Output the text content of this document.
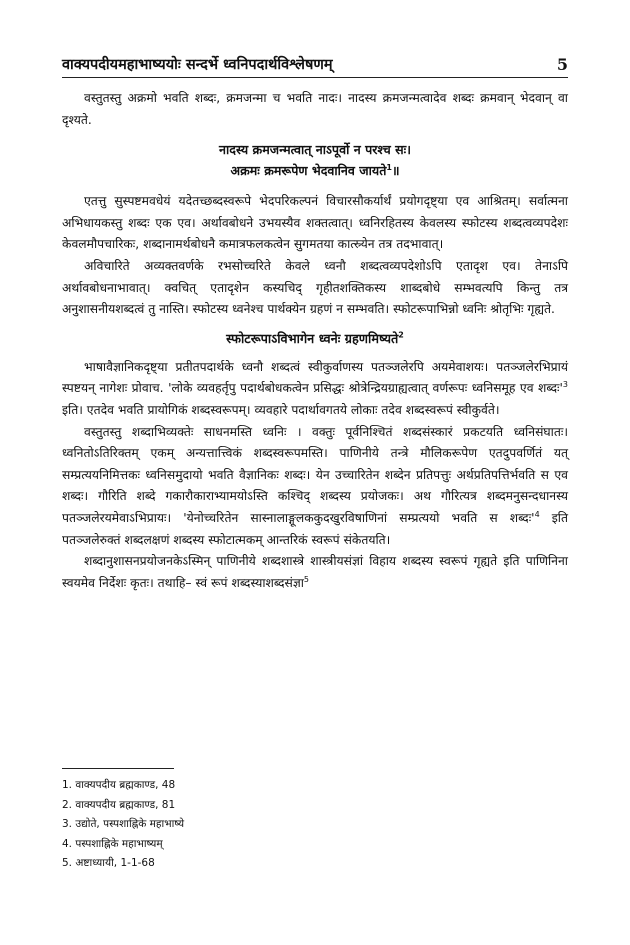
वाक्यपदीयमहाभाष्ययोः सन्दर्भे ध्वनिपदार्थविश्लेषणम्	5

वस्तुतस्तु अक्रमो भवति शब्दः, क्रमजन्मा च भवति नादः। नादस्य क्रमजन्मत्वादेव शब्दः क्रमवान् भेदवान् वा दृश्यते.

नादस्य क्रमजन्मत्वात् नाऽपूर्वो न परश्च सः।
अक्रमः क्रमरूपेण भेदवानिव जायते$^1$॥

एतत्तु सुस्पष्टमवधेयं यदेतच्छब्दस्वरूपे भेदपरिकल्पनं विचारसौकर्यार्थं प्रयोगदृष्ट्या एव आश्रितम्। सर्वात्मना अभिधायकस्तु शब्दः एक एव। अर्थावबोधने उभयस्यैव शक्तत्वात्। ध्वनिरहितस्य केवलस्य स्फोटस्य शब्दत्वव्यपदेशः केवलमौपचारिकः, शब्दानामर्थबोधनै कमात्रफलकत्वेन सुगमतया कात्स्र्येन तत्र तदभावात्।

अविचारिते अव्यक्तवर्णके रभसोच्चरिते केवले ध्वनौ शब्दत्वव्यपदेशोऽपि एतादृश एव। तेनाऽपि अर्थावबोधनाभावात्। क्वचित् एतादृशेन कस्यचिद् गृहीतशक्तिकस्य शाब्दबोधे सम्भवत्यपि किन्तु तत्र अनुशासनीयशब्दत्वं तु नास्ति। स्फोटस्य ध्वनेश्च पार्थक्येन ग्रहणं न सम्भवति। स्फोटरूपाभिन्नो ध्वनिः श्रोतृभिः गृह्यते.

स्फोटरूपाऽविभागेन ध्वनेः ग्रहणमिष्यते$^2$

भाषावैज्ञानिकदृष्ट्या प्रतीतपदार्थके ध्वनौ शब्दत्वं स्वीकुर्वाणस्य पतञ्जलेरपि अयमेवाशयः। पतञ्जलेरभिप्रायं स्पष्टयन् नागेशः प्रोवाच. 'लोके व्यवहर्तृपु पदार्थबोधकत्वेन प्रसिद्धः श्रोत्रेन्द्रियग्राह्यत्वात् वर्णरूपः ध्वनिसमूह एव $शब्दः'^3$ इति। एतदेव भवति प्रायोगिकं शब्दस्वरूपम्। व्यवहारे पदार्थावगतये लोकाः तदेव शब्दस्वरूपं स्वीकुर्वते।

वस्तुतस्तु शब्दाभिव्यक्तेः साधनमस्ति ध्वनिः । वक्तुः पूर्वनिश्चितं शब्दसंस्कारं प्रकटयति ध्वनिसंघातः। ध्वनितोऽतिरिक्तम् एकम् अन्यत्तात्त्विकं शब्दस्वरूपमस्ति। पाणिनीये तन्त्रे मौलिकरूपेण एतदुपवर्णितं यत् सम्प्रत्ययनिमित्तकः ध्वनिसमुदायो भवति वैज्ञानिकः शब्दः। येन उच्चारितेन शब्देन प्रतिपत्तुः अर्थप्रतिपत्तिर्भवति स एव शब्दः। गौरिति शब्दे गकारौकाराभ्यामयोऽस्ति कश्चिद् शब्दस्य प्रयोजकः। अथ गौरित्यत्र शब्दमनुसन्दधानस्य पतञ्जलेरयमेवाऽभिप्रायः। 'येनोच्चरितेन सास्नालाङ्गूलककुदखुरविषाणिनां सम्प्रत्ययो भवति स $शब्दः'^4$ इति पतञ्जलेरुक्तं शब्दलक्षणं शब्दस्य स्फोटात्मकम् आन्तरिकं स्वरूपं संकेतयति।

शब्दानुशासनप्रयोजनकेऽस्मिन् पाणिनीये शब्दशास्त्रे शास्त्रीयसंज्ञां विहाय शब्दस्य स्वरूपं गृह्यते इति पाणिनिना स्वयमेव निर्देशः कृतः। तथाहि– स्वं रूपं शब्दस्याशब्दसंज्ञा$^5$

1. वाक्यपदीय ब्रह्मकाण्ड, 48
2. वाक्यपदीय ब्रह्मकाण्ड, 81
3. उद्योते, पस्पशाह्निके महाभाष्ये
4. पस्पशाह्निके महाभाष्यम्
5. अष्टाध्यायी, 1-1-68
